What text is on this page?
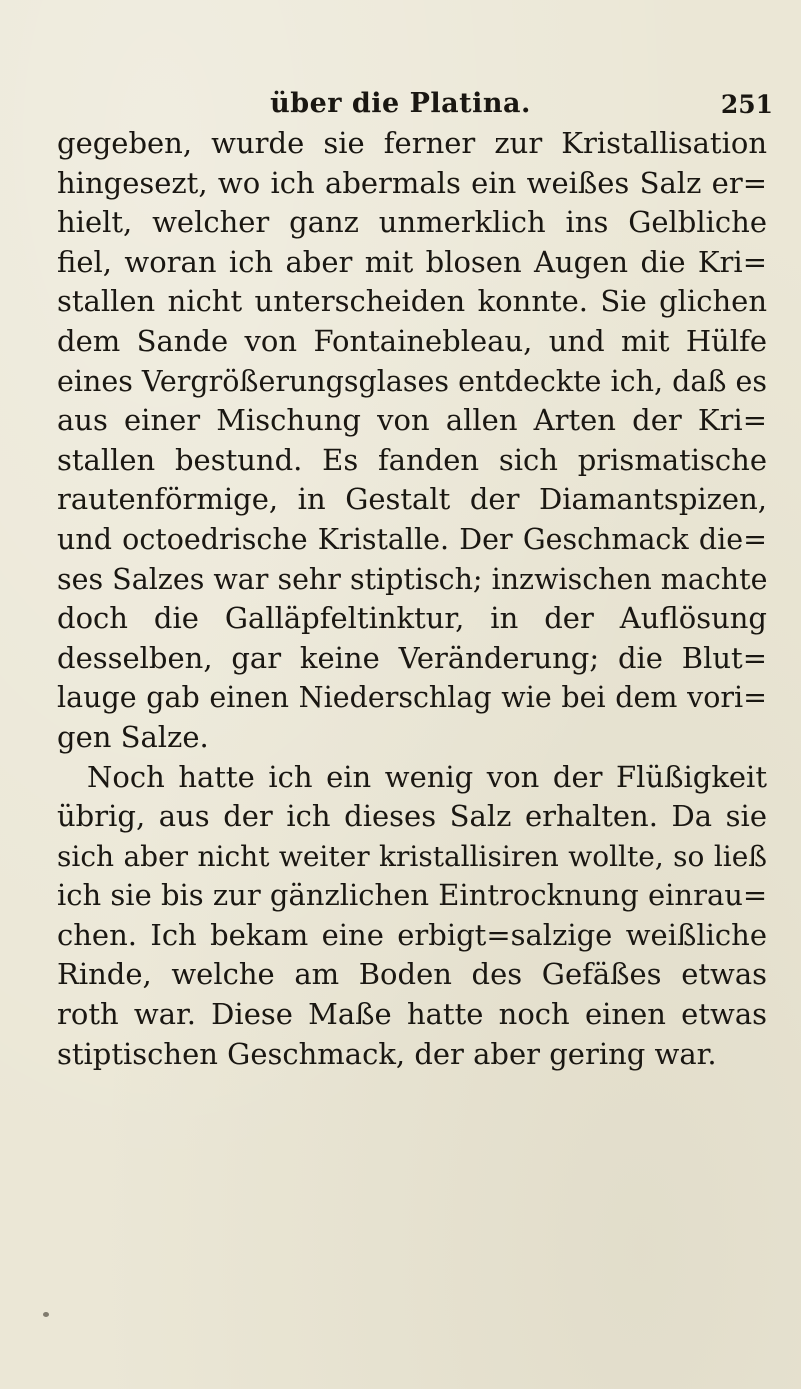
über die Platina.	251
gegeben, wurde sie ferner zur Kristallisation
hingesezt, wo ich abermals ein weißes Salz er=
hielt, welcher ganz unmerklich ins Gelbliche
fiel, woran ich aber mit blosen Augen die Kri=
stallen nicht unterscheiden konnte. Sie glichen
dem Sande von Fontainebleau, und mit Hülfe
eines Vergrößerungsglases entdeckte ich, daß es
aus einer Mischung von allen Arten der Kri=
stallen bestund. Es fanden sich prismatische
rautenförmige, in Gestalt der Diamantspizen,
und octoedrische Kristalle. Der Geschmack die=
ses Salzes war sehr stiptisch; inzwischen machte
doch die Galläpfeltinktur, in der Auflösung
desselben, gar keine Veränderung; die Blut=
lauge gab einen Niederschlag wie bei dem vori=
gen Salze.
Noch hatte ich ein wenig von der Flüßigkeit
übrig, aus der ich dieses Salz erhalten. Da sie
sich aber nicht weiter kristallisiren wollte, so ließ
ich sie bis zur gänzlichen Eintrocknung einrau=
chen. Ich bekam eine erbigt=salzige weißliche
Rinde, welche am Boden des Gefäßes etwas
roth war. Diese Maße hatte noch einen etwas
stiptischen Geschmack, der aber gering war.
